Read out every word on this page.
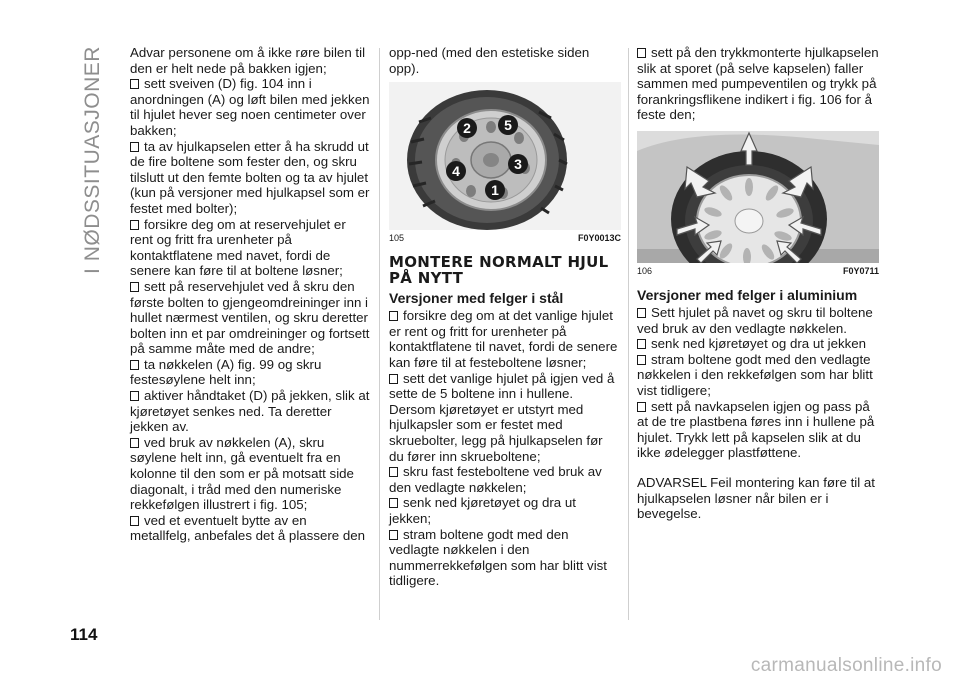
I NØDSSITUASJONER
114

Advar personene om å ikke røre bilen til den er helt nede på bakken igjen;

sett sveiven (D) fig. 104 inn i anordningen (A) og løft bilen med jekken til hjulet hever seg noen centimeter over bakken;

ta av hjulkapselen etter å ha skrudd ut de fire boltene som fester den, og skru tilslutt ut den femte bolten og ta av hjulet (kun på versjoner med hjulkapsel som er festet med bolter);

forsikre deg om at reservehjulet er rent og fritt fra urenheter på kontaktflatene med navet, fordi de senere kan føre til at boltene løsner;

sett på reservehjulet ved å skru den første bolten to gjengeomdreininger inn i hullet nærmest ventilen, og skru deretter bolten inn et par omdreininger og fortsett på samme måte med de andre;

ta nøkkelen (A) fig. 99 og skru festesøylene helt inn;

aktiver håndtaket (D) på jekken, slik at kjøretøyet senkes ned. Ta deretter jekken av.

ved bruk av nøkkelen (A), skru søylene helt inn, gå eventuelt fra en kolonne til den som er på motsatt side diagonalt, i tråd med den numeriske rekkefølgen illustrert i fig. 105;

ved et eventuelt bytte av en metallfelg, anbefales det å plassere den

opp-ned (med den estetiske siden opp).

2 5
3
4
1
105	F0Y0013C
MONTERE NORMALT HJUL PÅ NYTT
Versjoner med felger i stål

forsikre deg om at det vanlige hjulet er rent og fritt for urenheter på kontaktflatene til navet, fordi de senere kan føre til at festeboltene løsner;

sett det vanlige hjulet på igjen ved å sette de 5 boltene inn i hullene. Dersom kjøretøyet er utstyrt med hjulkapsler som er festet med skruebolter, legg på hjulkapselen før du fører inn skrueboltene;

skru fast festeboltene ved bruk av den vedlagte nøkkelen;

senk ned kjøretøyet og dra ut jekken;

stram boltene godt med den vedlagte nøkkelen i den nummerrekkefølgen som har blitt vist tidligere.

sett på den trykkmonterte hjulkapselen slik at sporet (på selve kapselen) faller sammen med pumpeventilen og trykk på forankringsflikene indikert i fig. 106 for å feste den;

106	F0Y0711
Versjoner med felger i aluminium

Sett hjulet på navet og skru til boltene ved bruk av den vedlagte nøkkelen.

senk ned kjøretøyet og dra ut jekken

stram boltene godt med den vedlagte nøkkelen i den rekkefølgen som har blitt vist tidligere;

sett på navkapselen igjen og pass på at de tre plastbena føres inn i hullene på hjulet. Trykk lett på kapselen slik at du ikke ødelegger plastføttene.

ADVARSEL Feil montering kan føre til at hjulkapselen løsner når bilen er i bevegelse.

carmanualsonline.info
